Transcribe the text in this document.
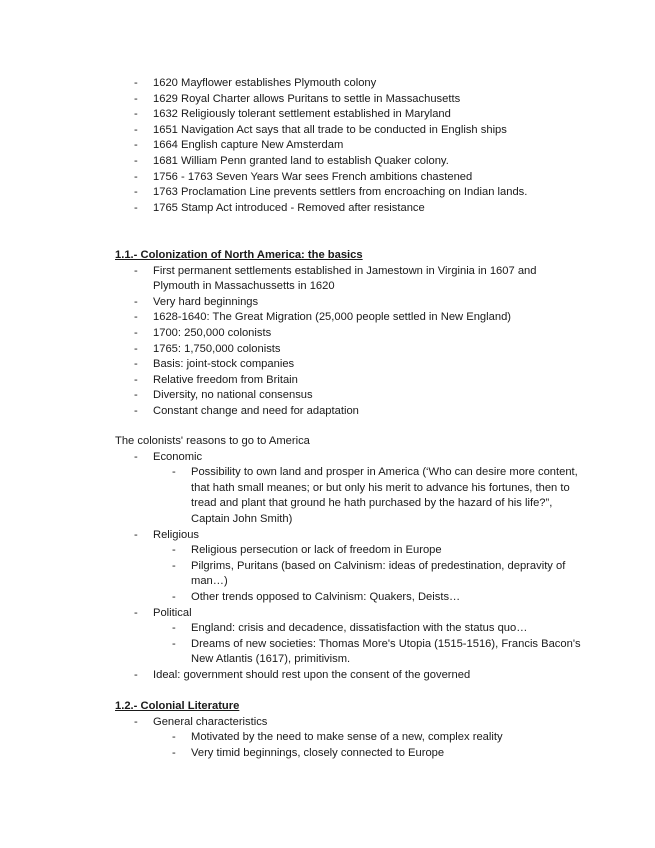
- 1620 Mayflower establishes Plymouth colony
- 1629 Royal Charter allows Puritans to settle in Massachusetts
- 1632 Religiously tolerant settlement established in Maryland
- 1651 Navigation Act says that all trade to be conducted in English ships
- 1664 English capture New Amsterdam
- 1681 William Penn granted land to establish Quaker colony.
- 1756 - 1763 Seven Years War sees French ambitions chastened
- 1763 Proclamation Line prevents settlers from encroaching on Indian lands.
- 1765 Stamp Act introduced - Removed after resistance
1.1.- Colonization of North America: the basics
- First permanent settlements established in Jamestown in Virginia in 1607 and Plymouth in Massachussetts in 1620
- Very hard beginnings
- 1628-1640: The Great Migration (25,000 people settled in New England)
- 1700: 250,000 colonists
- 1765: 1,750,000 colonists
- Basis: joint-stock companies
- Relative freedom from Britain
- Diversity, no national consensus
- Constant change and need for adaptation
The colonists' reasons to go to America
- Economic
- Possibility to own land and prosper in America (‘Who can desire more content, that hath small meanes; or but only his merit to advance his fortunes, then to tread and plant that ground he hath purchased by the hazard of his life?”, Captain John Smith)
- Religious
- Religious persecution or lack of freedom in Europe
- Pilgrims, Puritans (based on Calvinism: ideas of predestination, depravity of man…)
- Other trends opposed to Calvinism: Quakers, Deists…
- Political
- England: crisis and decadence, dissatisfaction with the status quo…
- Dreams of new societies: Thomas More's Utopia (1515-1516), Francis Bacon's New Atlantis (1617), primitivism.
- Ideal: government should rest upon the consent of the governed
1.2.- Colonial Literature
- General characteristics
- Motivated by the need to make sense of a new, complex reality
- Very timid beginnings, closely connected to Europe
